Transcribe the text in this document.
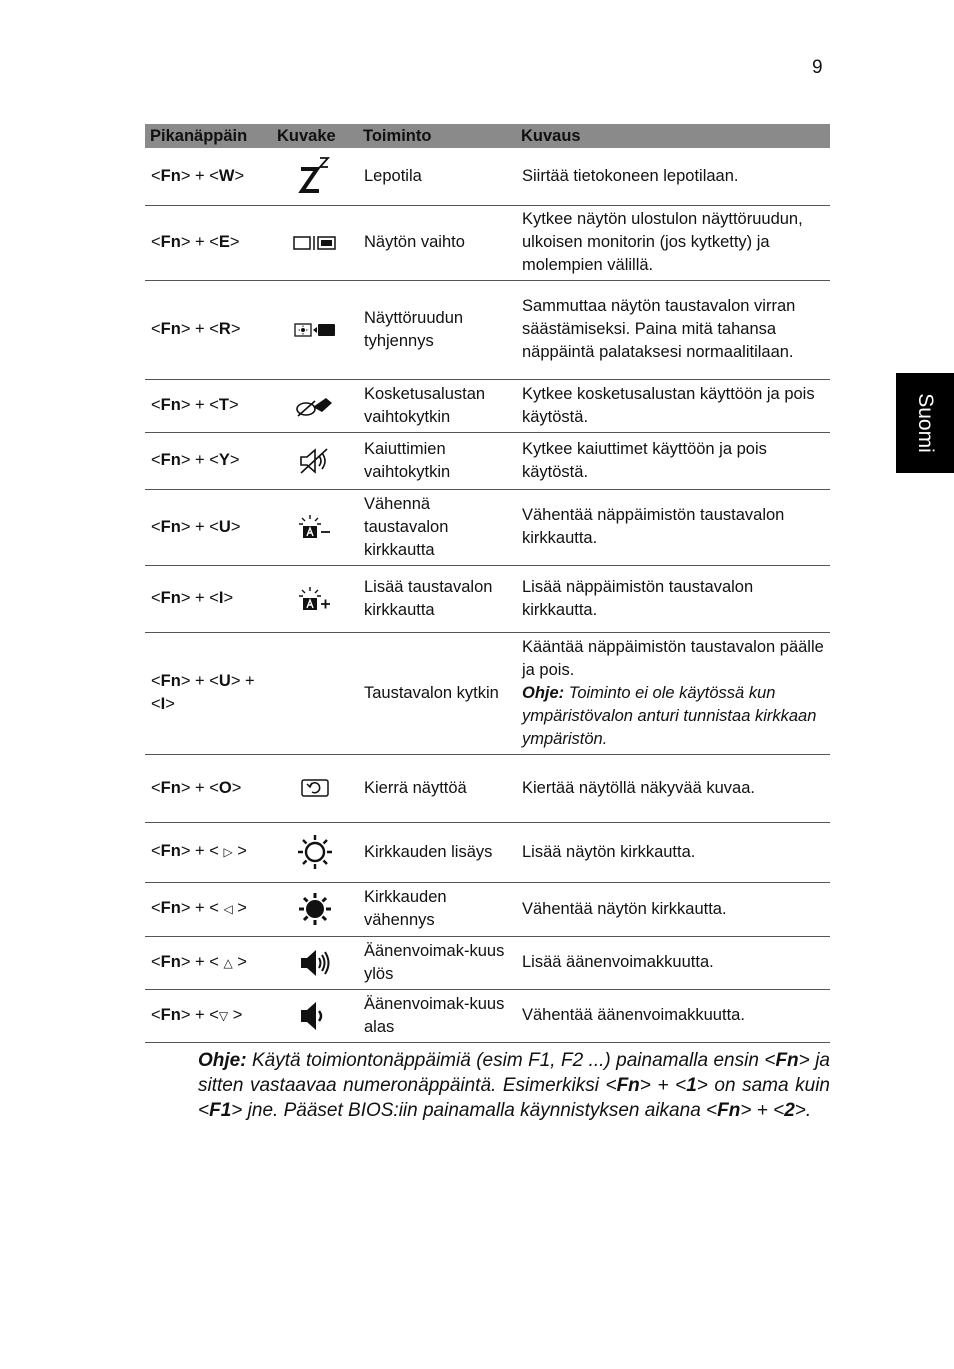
9
Suomi
Pikanäppäin	Kuvake	Toiminto	Kuvaus
<Fn> + <W>		Lepotila	Siirtää tietokoneen lepotilaan.
<Fn> + <E>		Näytön vaihto	Kytkee näytön ulostulon näyttöruudun, ulkoisen monitorin (jos kytketty) ja molempien välillä.
<Fn> + <R>		Näyttöruudun tyhjennys	Sammuttaa näytön taustavalon virran säästämiseksi. Paina mitä tahansa näppäintä palataksesi normaalitilaan.
<Fn> + <T>		Kosketusalustan vaihtokytkin	Kytkee kosketusalustan käyttöön ja pois käytöstä.
<Fn> + <Y>		Kaiuttimien vaihtokytkin	Kytkee kaiuttimet käyttöön ja pois käytöstä.
<Fn> + <U>		Vähennä taustavalon kirkkautta	Vähentää näppäimistön taustavalon kirkkautta.
<Fn> + <I>		Lisää taustavalon kirkkautta	Lisää näppäimistön taustavalon kirkkautta.
<Fn> + <U> + <I>		Taustavalon kytkin	Kääntää näppäimistön taustavalon päälle ja pois.
Ohje: Toiminto ei ole käytössä kun ympäristövalon anturi tunnistaa kirkkaan ympäristön.
<Fn> + <O>		Kierrä näyttöä	Kiertää näytöllä näkyvää kuvaa.
<Fn> + < ▷ >		Kirkkauden lisäys	Lisää näytön kirkkautta.
<Fn> + < ◁ >		Kirkkauden vähennys	Vähentää näytön kirkkautta.
<Fn> + < △ >		Äänenvoimak-kuus ylös	Lisää äänenvoimakkuutta.
<Fn> + <▽ >		Äänenvoimak-kuus alas	Vähentää äänenvoimakkuutta.
Ohje: Käytä toimiontonäppäimiä (esim F1, F2 ...) painamalla ensin <Fn> ja sitten vastaavaa numeronäppäintä. Esimerkiksi <Fn> + <1> on sama kuin <F1> jne. Pääset BIOS:iin painamalla käynnistyksen aikana <Fn> + <2>.
